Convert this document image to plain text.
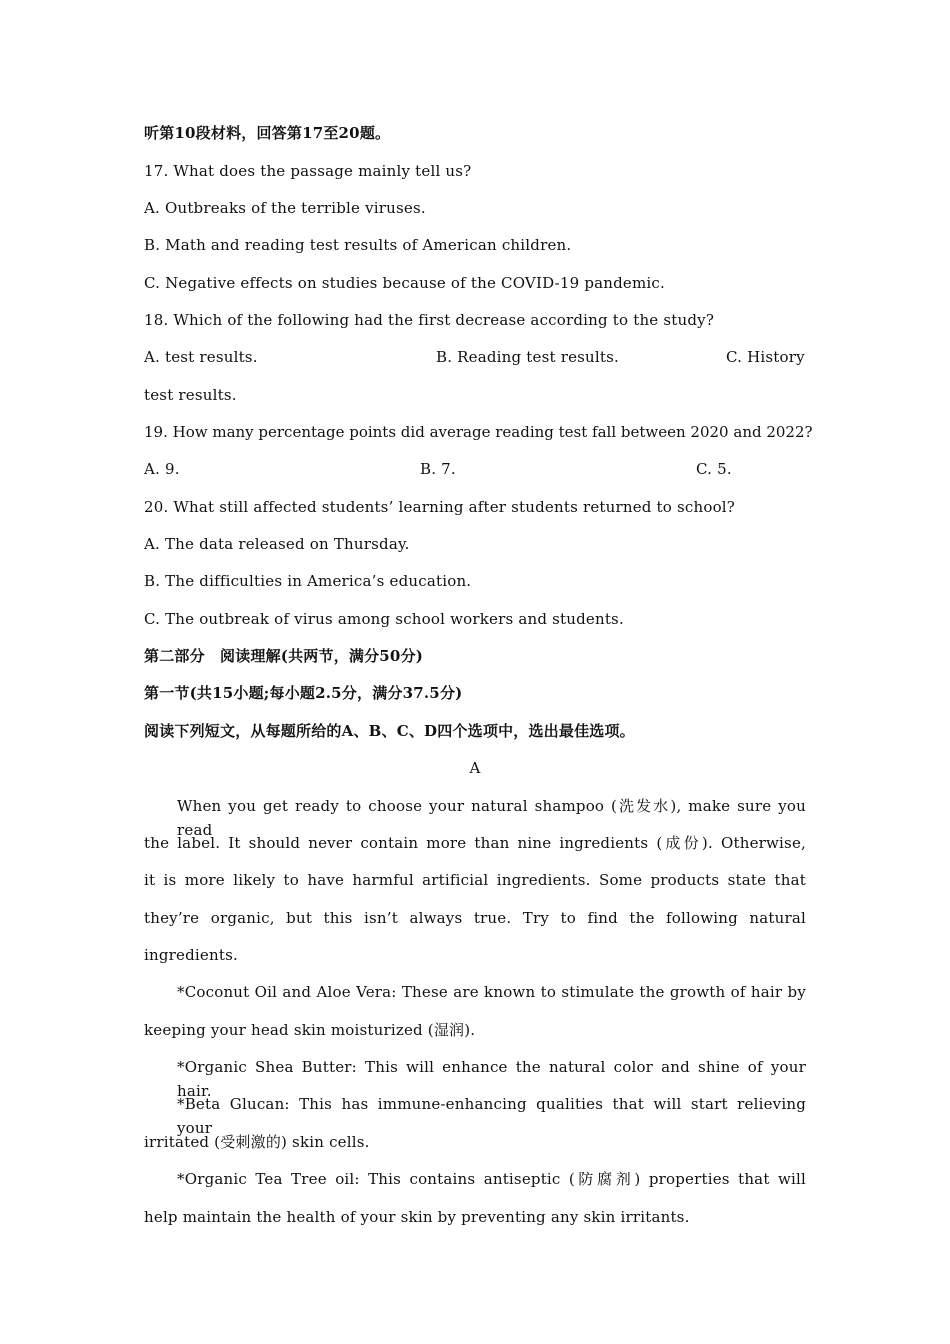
听第10段材料，回答第17至20题。
17. What does the passage mainly tell us?
A. Outbreaks of the terrible viruses.
B. Math and reading test results of American children.
C. Negative effects on studies because of the COVID-19 pandemic.
18. Which of the following had the first decrease according to the study?

A. test results.

	B. Reading test results.

	C. History

test results.
19. How many percentage points did average reading test fall between 2020 and 2022?

A. 9.

	B. 7.

	C. 5.

20. What still affected students’ learning after students returned to school?
A. The data released on Thursday.
B. The difficulties in America’s education.
C. The outbreak of virus among school workers and students.
第二部分　阅读理解(共两节，满分50分)
第一节(共15小题;每小题2.5分，满分37.5分)
阅读下列短文，从每题所给的A、B、C、D四个选项中，选出最佳选项。
A
When you get ready to choose your natural shampoo (洗发水), make sure you read
the label. It should never contain more than nine ingredients (成份). Otherwise,
it is more likely to have harmful artificial ingredients. Some products state that
they’re organic, but this isn’t always true. Try to find the following natural
ingredients.
*Coconut Oil and Aloe Vera: These are known to stimulate the growth of hair by
keeping your head skin moisturized (湿润).
*Organic Shea Butter: This will enhance the natural color and shine of your hair.
*Beta Glucan: This has immune-enhancing qualities that will start relieving your
irritated (受刺激的) skin cells.
*Organic Tea Tree oil: This contains antiseptic (防腐剂) properties that will
help maintain the health of your skin by preventing any skin irritants.
